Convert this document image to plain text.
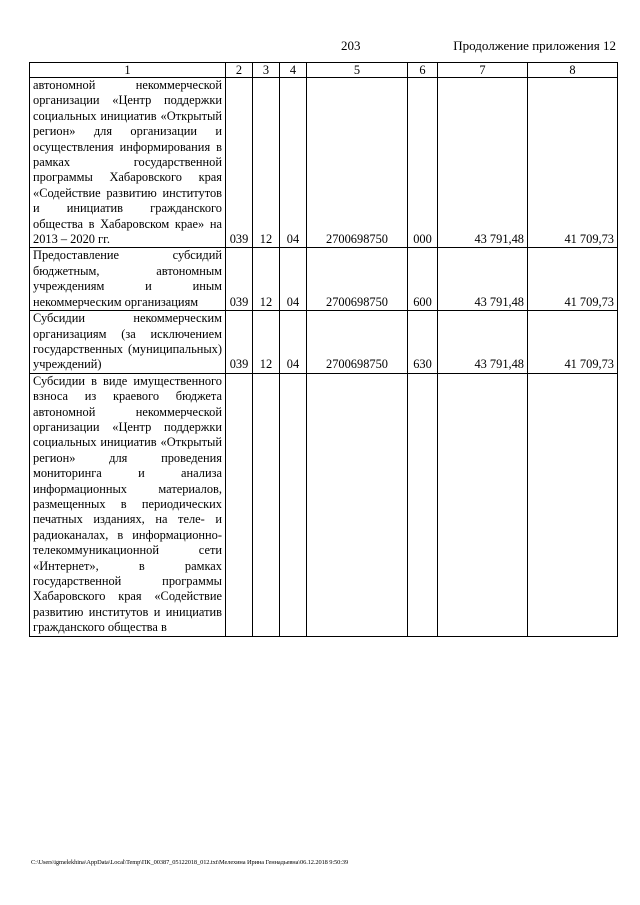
203	Продолжение приложения 12
1	2	3	4	5	6	7	8
автономной некоммерческой организации «Центр поддержки социальных инициатив «Открытый регион» для организации и осуществления информирования в рамках государственной программы Хабаровского края «Содействие развитию институтов и инициатив гражданского общества в Хабаровском крае» на 2013 – 2020 гг.	039	12	04	2700698750	000	43 791,48	41 709,73
Предоставление субсидий бюджетным, автономным учреждениям и иным некоммерческим организациям	039	12	04	2700698750	600	43 791,48	41 709,73
Субсидии некоммерческим организациям (за исключением государственных (муниципальных) учреждений)	039	12	04	2700698750	630	43 791,48	41 709,73
Субсидии в виде имущественного взноса из краевого бюджета автономной некоммерческой организации «Центр поддержки социальных инициатив «Открытый регион» для проведения мониторинга и анализа информационных материалов, размещенных в периодических печатных изданиях, на теле- и радиоканалах, в информационно-телекоммуникационной сети «Интернет», в рамках государственной программы Хабаровского края «Содействие развитию институтов и инициатив гражданского общества в							
C:\Users\igmelekhina\AppData\Local\Temp\ПК_00387_05122018_012.txt\Мелехина Ирина Геннадьевна\06.12.2018 9:50:39
